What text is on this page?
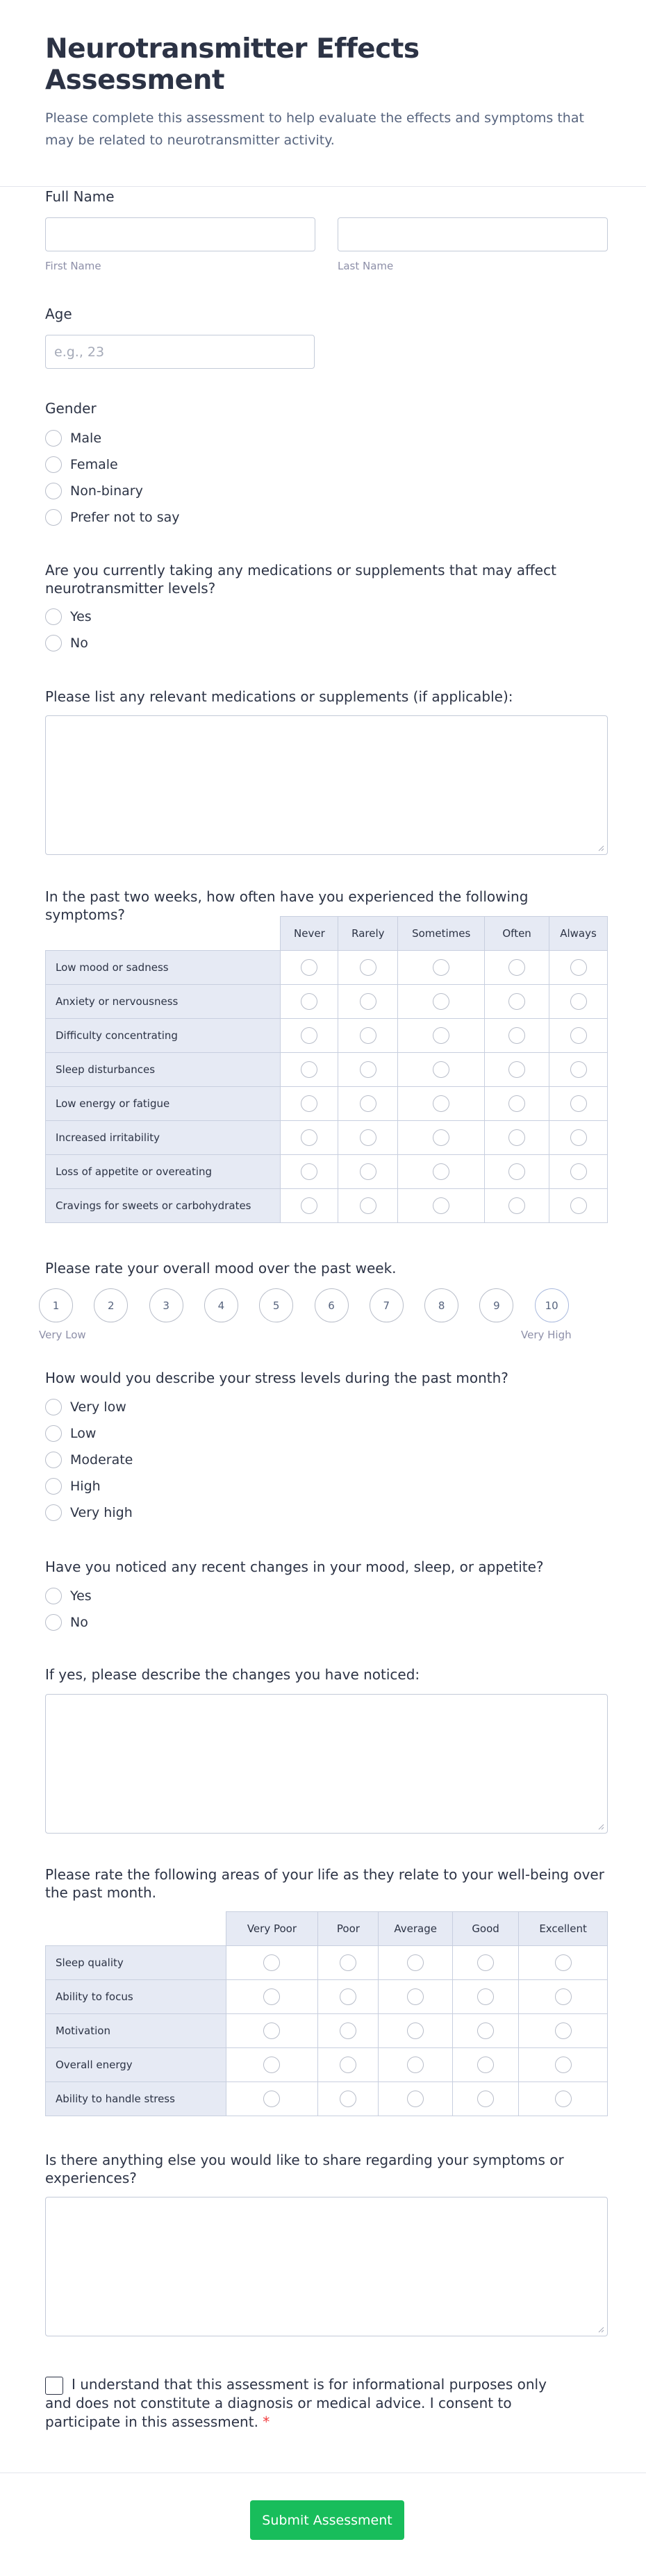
Neurotransmitter Effects Assessment

Please complete this assessment to help evaluate the effects and symptoms that may be related to neurotransmitter activity.

Full Name
First Name	Last Name
Age
e.g., 23
Gender
Male
Female
Non-binary
Prefer not to say
Are you currently taking any medications or supplements that may affect neurotransmitter levels?
Yes
No
Please list any relevant medications or supplements (if applicable):
In the past two weeks, how often have you experienced the following symptoms?
	Never	Rarely	Sometimes	Often	Always
Low mood or sadness					
Anxiety or nervousness					
Difficulty concentrating					
Sleep disturbances					
Low energy or fatigue					
Increased irritability					
Loss of appetite or overeating					
Cravings for sweets or carbohydrates					
Please rate your overall mood over the past week.
1	2	3	4	5	6	7	8	9	10
Very Low	Very High
How would you describe your stress levels during the past month?
Very low
Low
Moderate
High
Very high
Have you noticed any recent changes in your mood, sleep, or appetite?
Yes
No
If yes, please describe the changes you have noticed:
Please rate the following areas of your life as they relate to your well-being over the past month.
	Very Poor	Poor	Average	Good	Excellent
Sleep quality					
Ability to focus					
Motivation					
Overall energy					
Ability to handle stress					
Is there anything else you would like to share regarding your symptoms or experiences?
I understand that this assessment is for informational purposes only and does not constitute a diagnosis or medical advice. I consent to participate in this assessment. *
Submit Assessment
